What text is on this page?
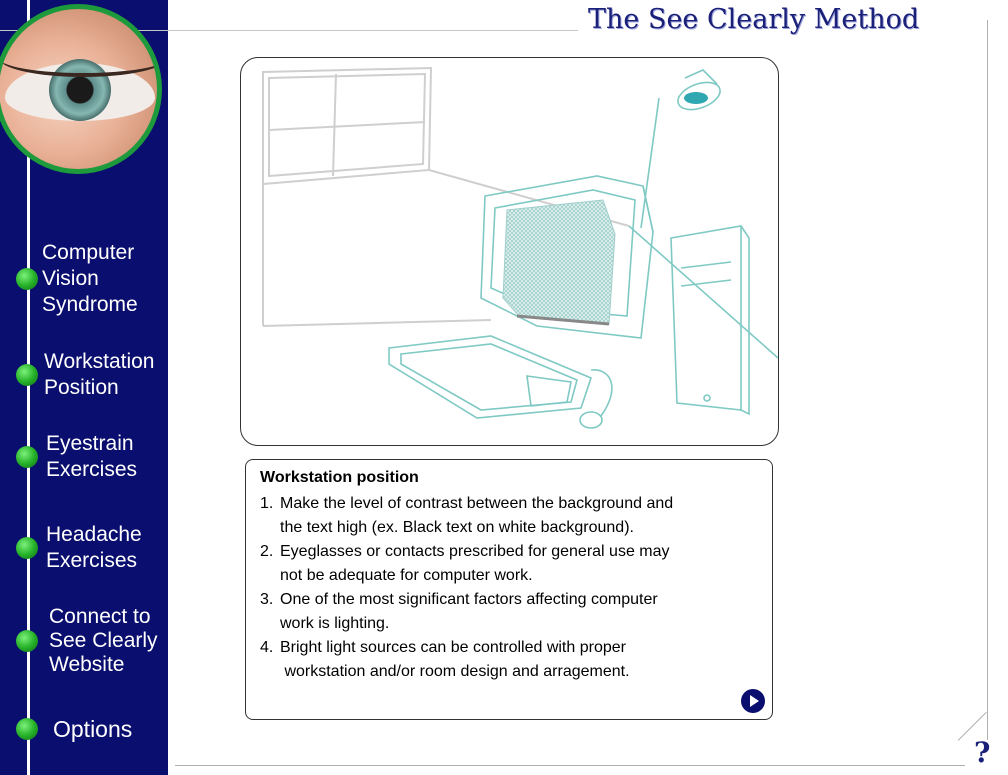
Computer
Vision
Syndrome
Workstation
Position
Eyestrain
Exercises
Headache
Exercises
Connect to
See Clearly
Website
Options
The See Clearly Method
Workstation position
1. Make the level of contrast between the background and
the text high (ex. Black text on white background).
2. Eyeglasses or contacts prescribed for general use may
not be adequate for computer work.
3. One of the most significant factors affecting computer
work is lighting.
4. Bright light sources can be controlled with proper
workstation and/or room design and arragement.
?
